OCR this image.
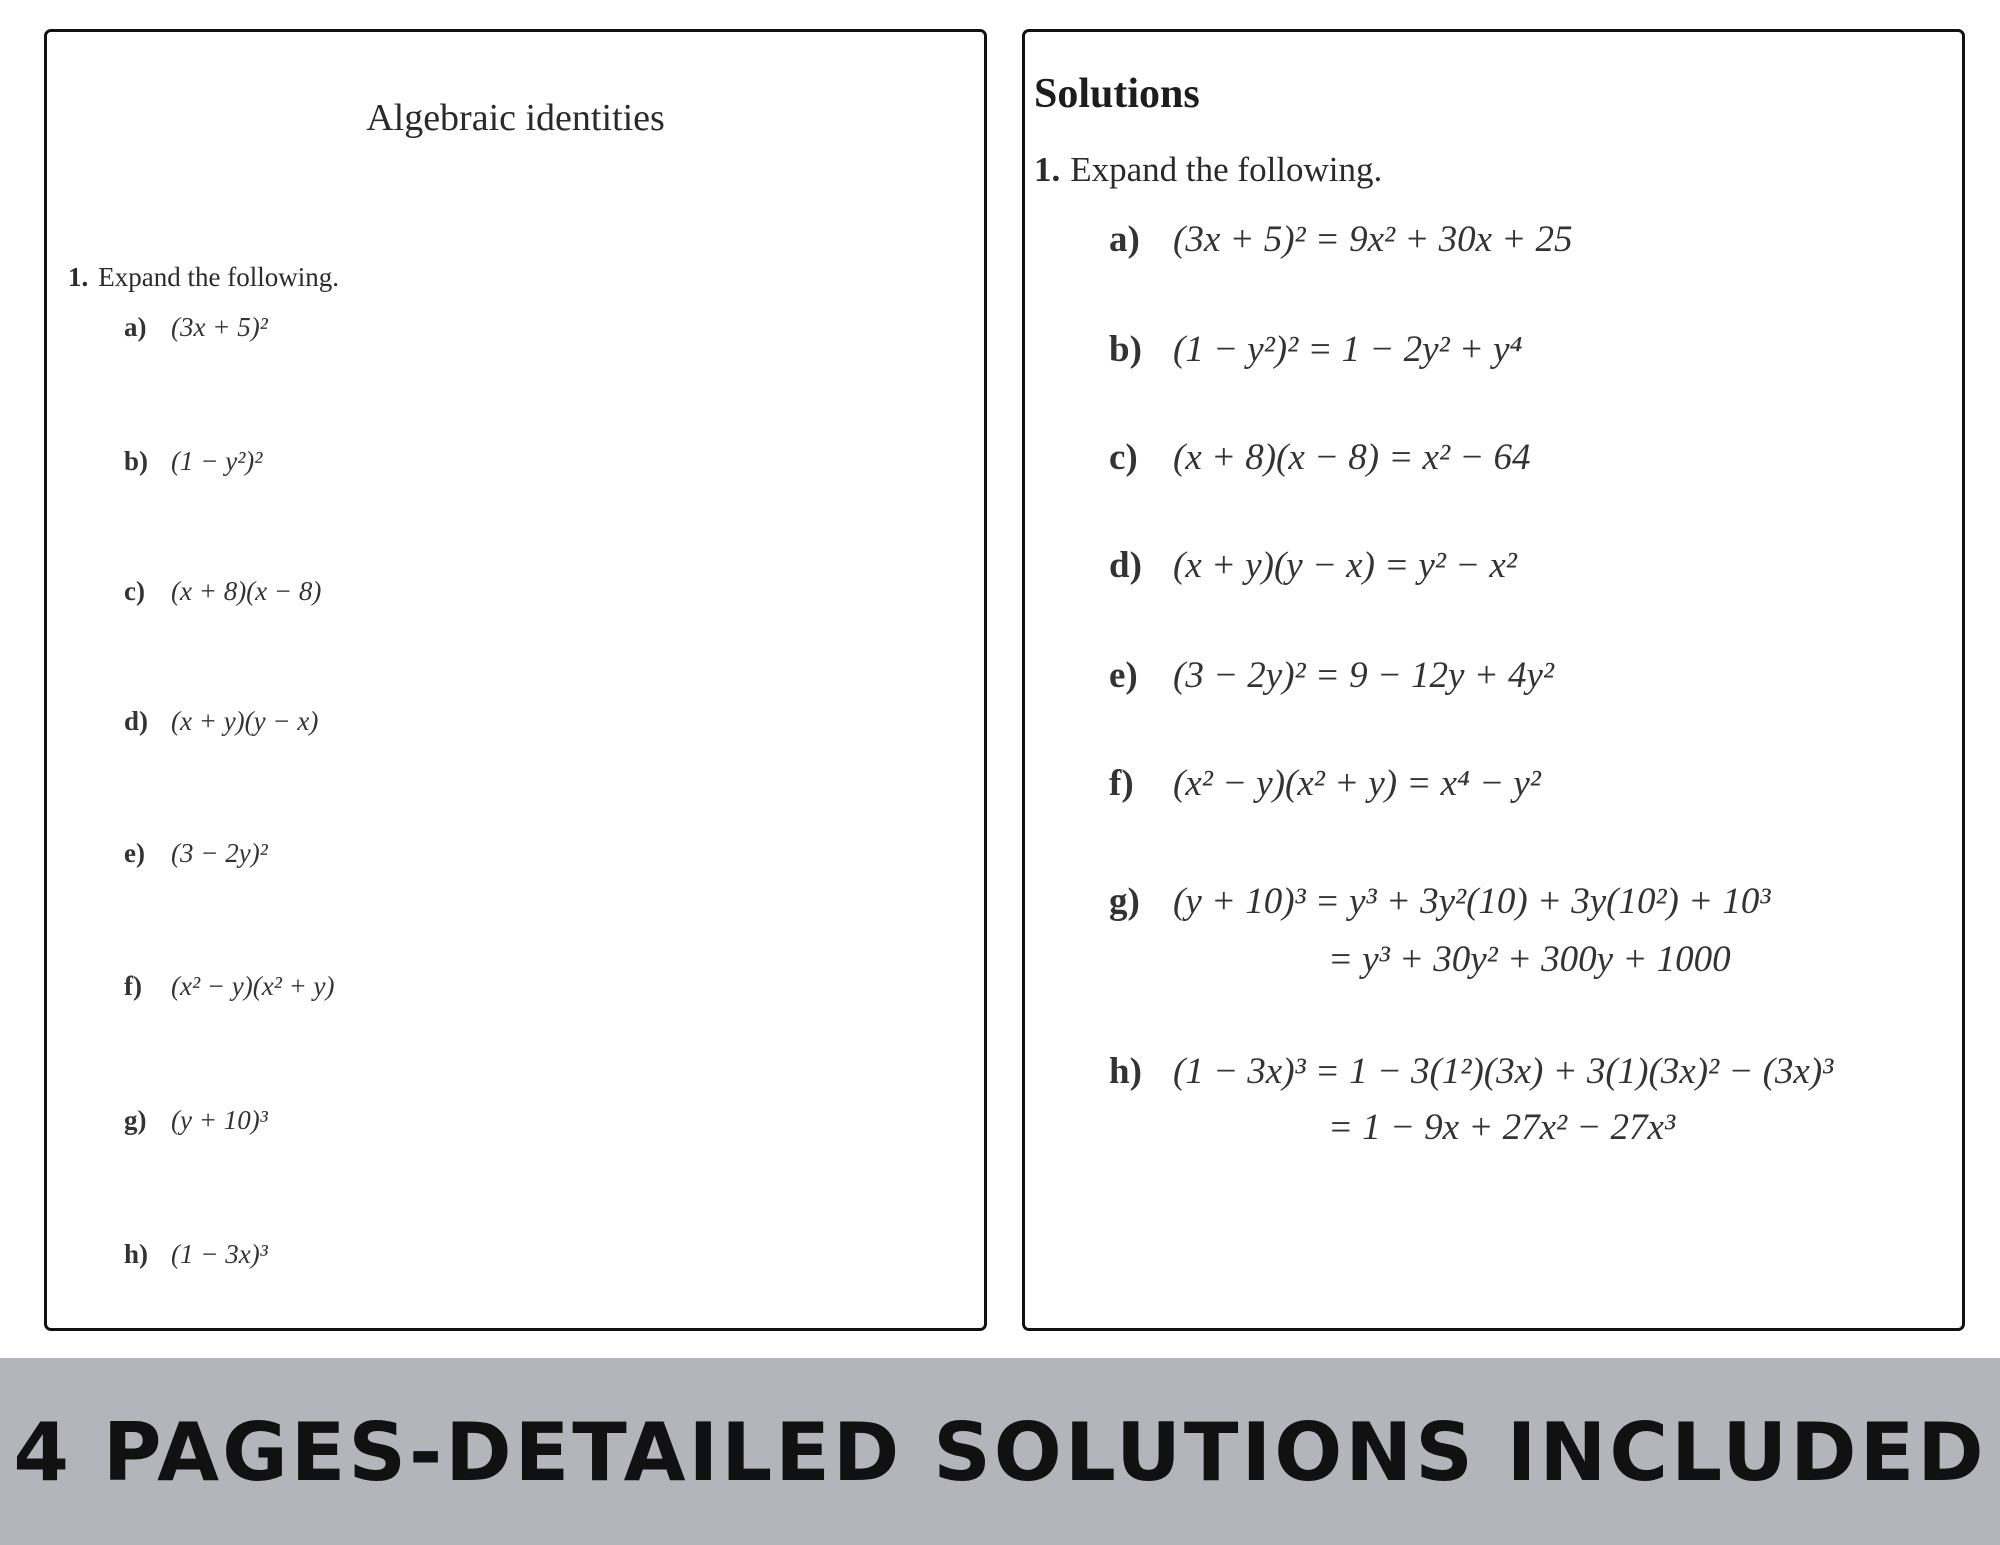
Algebraic identities
1. Expand the following.
a) (3x + 5)²
b) (1 − y²)²
c) (x + 8)(x − 8)
d) (x + y)(y − x)
e) (3 − 2y)²
f)	(x² − y)(x² + y)
g) (y + 10)³
h) (1 − 3x)³
Solutions
1. Expand the following.
a) (3x + 5)² = 9x² + 30x + 25
b) (1 − y²)² = 1 − 2y² + y⁴
c) (x + 8)(x − 8) = x² − 64
d) (x + y)(y − x) = y² − x²
e) (3 − 2y)² = 9 − 12y + 4y²
f)	(x² − y)(x² + y) = x⁴ − y²
g) (y + 10)³ = y³ + 3y²(10) + 3y(10²) + 10³
= y³ + 30y² + 300y + 1000
h) (1 − 3x)³ = 1 − 3(1²)(3x) + 3(1)(3x)² − (3x)³
= 1 − 9x + 27x² − 27x³
4 PAGES-DETAILED SOLUTIONS INCLUDED
